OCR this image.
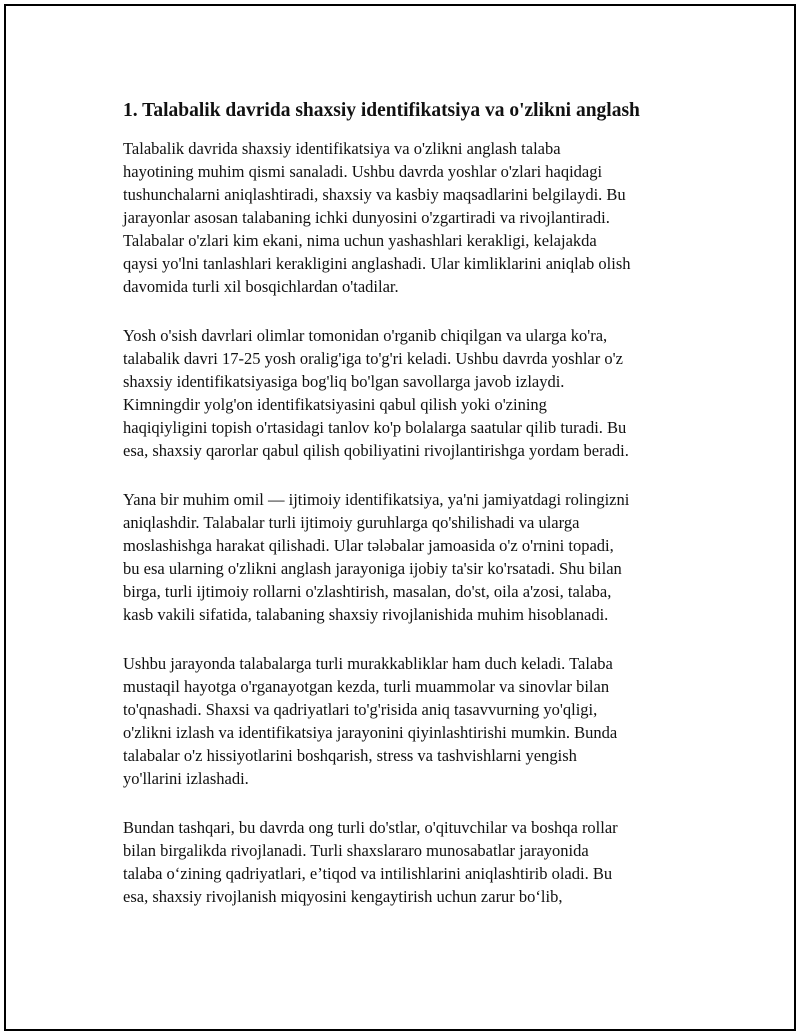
1. Talabalik davrida shaxsiy identifikatsiya va o'zlikni anglash

Talabalik davrida shaxsiy identifikatsiya va o'zlikni anglash talaba
hayotining muhim qismi sanaladi. Ushbu davrda yoshlar o'zlari haqidagi
tushunchalarni aniqlashtiradi, shaxsiy va kasbiy maqsadlarini belgilaydi. Bu
jarayonlar asosan talabaning ichki dunyosini o'zgartiradi va rivojlantiradi.
Talabalar o'zlari kim ekani, nima uchun yashashlari kerakligi, kelajakda
qaysi yo'lni tanlashlari kerakligini anglashadi. Ular kimliklarini aniqlab olish
davomida turli xil bosqichlardan o'tadilar.

Yosh o'sish davrlari olimlar tomonidan o'rganib chiqilgan va ularga ko'ra,
talabalik davri 17-25 yosh oralig'iga to'g'ri keladi. Ushbu davrda yoshlar o'z
shaxsiy identifikatsiyasiga bog'liq bo'lgan savollarga javob izlaydi.
Kimningdir yolg'on identifikatsiyasini qabul qilish yoki o'zining
haqiqiyligini topish o'rtasidagi tanlov ko'p bolalarga saatular qilib turadi. Bu
esa, shaxsiy qarorlar qabul qilish qobiliyatini rivojlantirishga yordam beradi.

Yana bir muhim omil — ijtimoiy identifikatsiya, ya'ni jamiyatdagi rolingizni
aniqlashdir. Talabalar turli ijtimoiy guruhlarga qo'shilishadi va ularga
moslashishga harakat qilishadi. Ular tələbalar jamoasida o'z o'rnini topadi,
bu esa ularning o'zlikni anglash jarayoniga ijobiy ta'sir ko'rsatadi. Shu bilan
birga, turli ijtimoiy rollarni o'zlashtirish, masalan, do'st, oila a'zosi, talaba,
kasb vakili sifatida, talabaning shaxsiy rivojlanishida muhim hisoblanadi.

Ushbu jarayonda talabalarga turli murakkabliklar ham duch keladi. Talaba
mustaqil hayotga o'rganayotgan kezda, turli muammolar va sinovlar bilan
to'qnashadi. Shaxsi va qadriyatlari to'g'risida aniq tasavvurning yo'qligi,
o'zlikni izlash va identifikatsiya jarayonini qiyinlashtirishi mumkin. Bunda
talabalar o'z hissiyotlarini boshqarish, stress va tashvishlarni yengish
yo'llarini izlashadi.

Bundan tashqari, bu davrda ong turli do'stlar, o'qituvchilar va boshqa rollar
bilan birgalikda rivojlanadi. Turli shaxslararo munosabatlar jarayonida
talaba o‘zining qadriyatlari, e’tiqod va intilishlarini aniqlashtirib oladi. Bu
esa, shaxsiy rivojlanish miqyosini kengaytirish uchun zarur bo‘lib,
